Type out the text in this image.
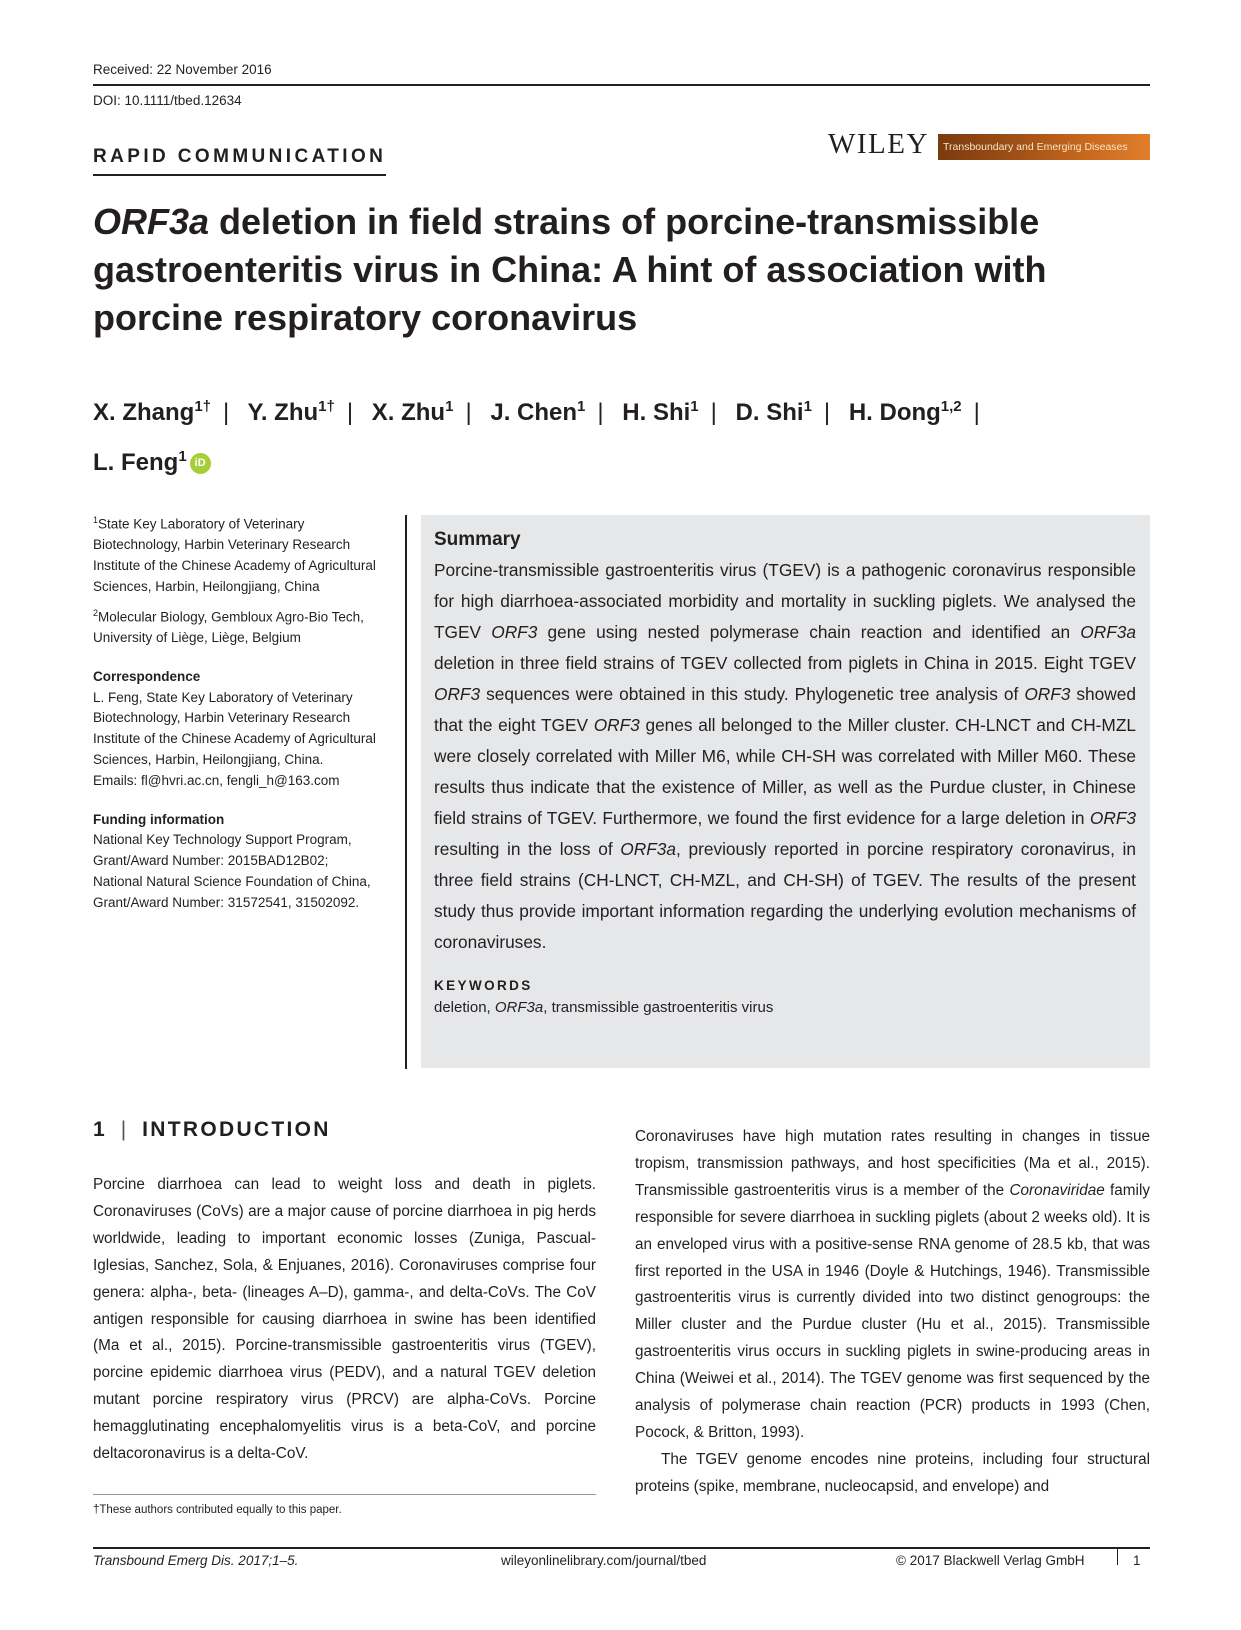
Received: 22 November 2016
DOI: 10.1111/tbed.12634
RAPID COMMUNICATION	WILEY	Transboundary and Emerging Diseases
ORF3a deletion in field strains of porcine-transmissible gastroenteritis virus in China: A hint of association with porcine respiratory coronavirus
X. Zhang$^{1\dagger}$ | Y. Zhu$^{1\dagger}$ | X. Zhu$^1$ | J. Chen$^1$ | H. Shi$^1$ | D. Shi$^1$ | H. Dong$^{1,2}$ |
L. Feng$^1$ iD

$^1$State Key Laboratory of Veterinary Biotechnology, Harbin Veterinary Research Institute of the Chinese Academy of Agricultural Sciences, Harbin, Heilongjiang, China

$^2$Molecular Biology, Gembloux Agro-Bio Tech, University of Liège, Liège, Belgium

Correspondence
L. Feng, State Key Laboratory of Veterinary Biotechnology, Harbin Veterinary Research Institute of the Chinese Academy of Agricultural Sciences, Harbin, Heilongjiang, China.
Emails: fl@hvri.ac.cn, fengli_h@163.com
Funding information
National Key Technology Support Program, Grant/Award Number: 2015BAD12B02; National Natural Science Foundation of China, Grant/Award Number: 31572541, 31502092.
Summary
Porcine-transmissible gastroenteritis virus (TGEV) is a pathogenic coronavirus responsible for high diarrhoea-associated morbidity and mortality in suckling piglets. We analysed the TGEV ORF3 gene using nested polymerase chain reaction and identified an ORF3a deletion in three field strains of TGEV collected from piglets in China in 2015. Eight TGEV ORF3 sequences were obtained in this study. Phylogenetic tree analysis of ORF3 showed that the eight TGEV ORF3 genes all belonged to the Miller cluster. CH-LNCT and CH-MZL were closely correlated with Miller M6, while CH-SH was correlated with Miller M60. These results thus indicate that the existence of Miller, as well as the Purdue cluster, in Chinese field strains of TGEV. Furthermore, we found the first evidence for a large deletion in ORF3 resulting in the loss of ORF3a, previously reported in porcine respiratory coronavirus, in three field strains (CH-LNCT, CH-MZL, and CH-SH) of TGEV. The results of the present study thus provide important information regarding the underlying evolution mechanisms of coronaviruses.
KEYWORDS
deletion, ORF3a, transmissible gastroenteritis virus
1 | INTRODUCTION

Porcine diarrhoea can lead to weight loss and death in piglets. Coronaviruses (CoVs) are a major cause of porcine diarrhoea in pig herds worldwide, leading to important economic losses (Zuniga, Pascual-Iglesias, Sanchez, Sola, & Enjuanes, 2016). Coronaviruses comprise four genera: alpha-, beta- (lineages A–D), gamma-, and delta-CoVs. The CoV antigen responsible for causing diarrhoea in swine has been identified (Ma et al., 2015). Porcine-transmissible gastroenteritis virus (TGEV), porcine epidemic diarrhoea virus (PEDV), and a natural TGEV deletion mutant porcine respiratory virus (PRCV) are alpha-CoVs. Porcine hemagglutinating encephalomyelitis virus is a beta-CoV, and porcine deltacoronavirus is a delta-CoV.

Coronaviruses have high mutation rates resulting in changes in tissue tropism, transmission pathways, and host specificities (Ma et al., 2015). Transmissible gastroenteritis virus is a member of the Coronaviridae family responsible for severe diarrhoea in suckling piglets (about 2 weeks old). It is an enveloped virus with a positive-sense RNA genome of 28.5 kb, that was first reported in the USA in 1946 (Doyle & Hutchings, 1946). Transmissible gastroenteritis virus is currently divided into two distinct genogroups: the Miller cluster and the Purdue cluster (Hu et al., 2015). Transmissible gastroenteritis virus occurs in suckling piglets in swine-producing areas in China (Weiwei et al., 2014). The TGEV genome was first sequenced by the analysis of polymerase chain reaction (PCR) products in 1993 (Chen, Pocock, & Britton, 1993).

The TGEV genome encodes nine proteins, including four structural proteins (spike, membrane, nucleocapsid, and envelope) and

†These authors contributed equally to this paper.
Transbound Emerg Dis. 2017;1–5.	wileyonlinelibrary.com/journal/tbed	© 2017 Blackwell Verlag GmbH	1
